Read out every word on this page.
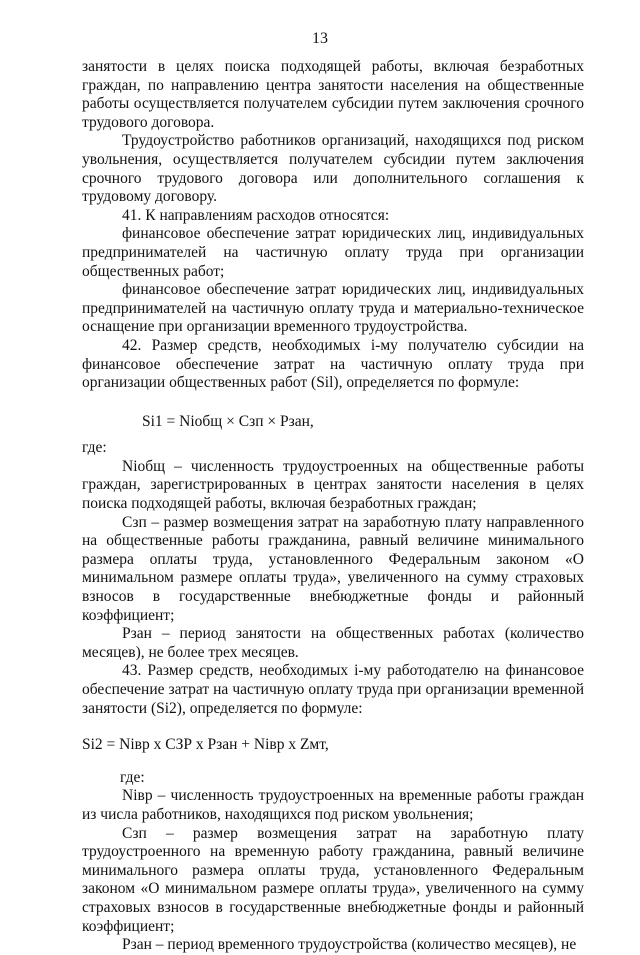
13

занятости в целях поиска подходящей работы, включая безработных граждан, по направлению центра занятости населения на общественные работы осуществляется получателем субсидии путем заключения срочного трудового договора.

Трудоустройство работников организаций, находящихся под риском увольнения, осуществляется получателем субсидии путем заключения срочного трудового договора или дополнительного соглашения к трудовому договору.

41. К направлениям расходов относятся:

финансовое обеспечение затрат юридических лиц, индивидуальных предпринимателей на частичную оплату труда при организации общественных работ;

финансовое обеспечение затрат юридических лиц, индивидуальных предпринимателей на частичную оплату труда и материально-техническое оснащение при организации временного трудоустройства.

42. Размер средств, необходимых i-му получателю субсидии на финансовое обеспечение затрат на частичную оплату труда при организации общественных работ (Sil), определяется по формуле:

Si1 = Niобщ × Cзп × Pзан,

где:

Niобщ – численность трудоустроенных на общественные работы граждан, зарегистрированных в центрах занятости населения в целях поиска подходящей работы, включая безработных граждан;

Cзп – размер возмещения затрат на заработную плату направленного на общественные работы гражданина, равный величине минимального размера оплаты труда, установленного Федеральным законом «О минимальном размере оплаты труда», увеличенного на сумму страховых взносов в государственные внебюджетные фонды и районный коэффициент;

Рзан – период занятости на общественных работах (количество месяцев), не более трех месяцев.

43. Размер средств, необходимых i-му работодателю на финансовое обеспечение затрат на частичную оплату труда при организации временной занятости (Si2), определяется по формуле:

Si2 = Niвр x СЗР x Рзан + Niвр x Zмт,

где:

Niвр – численность трудоустроенных на временные работы граждан из числа работников, находящихся под риском увольнения;

Cзп – размер возмещения затрат на заработную плату трудоустроенного на временную работу гражданина, равный величине минимального размера оплаты труда, установленного Федеральным законом «О минимальном размере оплаты труда», увеличенного на сумму страховых взносов в государственные внебюджетные фонды и районный коэффициент;

Рзан – период временного трудоустройства (количество месяцев), не
